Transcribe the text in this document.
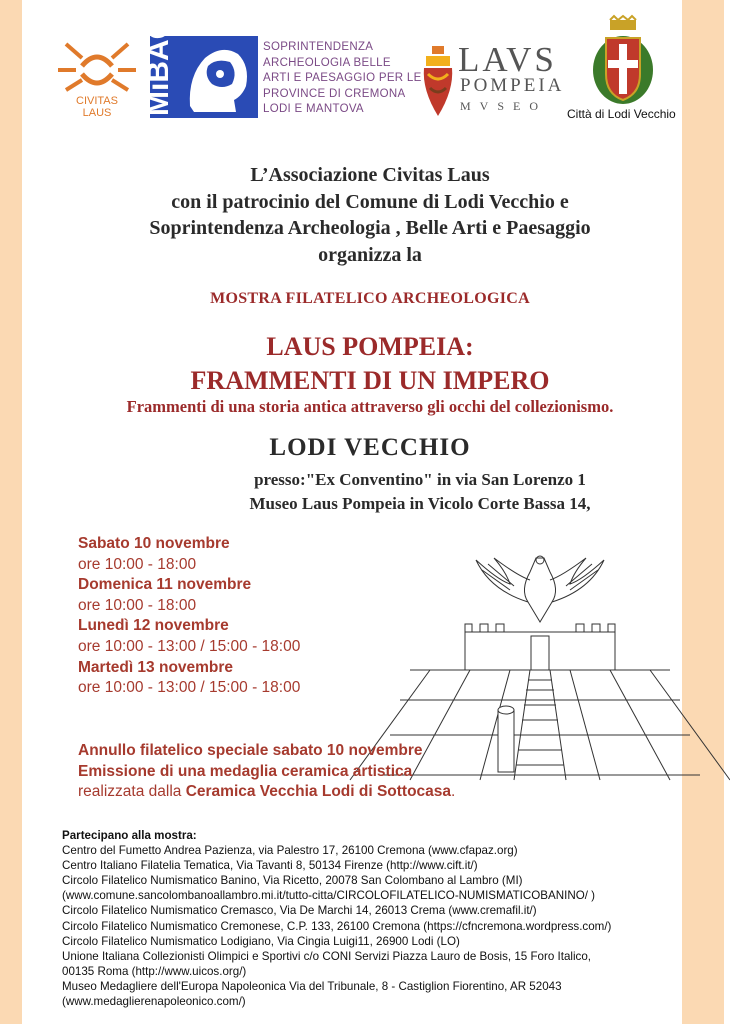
CIVITAS
LAUS	MiBAC	SOPRINTENDENZA
ARCHEOLOGIA BELLE
ARTI E PAESAGGIO PER LE
PROVINCE DI CREMONA
LODI E MANTOVA
LAVS
POMPEIA
MVSEO
Città di Lodi Vecchio
L’Associazione Civitas Laus
con il patrocinio del Comune di Lodi Vecchio e
Soprintendenza Archeologia , Belle Arti e Paesaggio
organizza la
MOSTRA FILATELICO ARCHEOLOGICA
LAUS POMPEIA:
FRAMMENTI DI UN IMPERO
Frammenti di una storia antica attraverso gli occhi del collezionismo.
LODI VECCHIO
presso:"Ex Conventino" in via San Lorenzo 1
Museo Laus Pompeia in Vicolo Corte Bassa 14,
Sabato 10 novembre
ore 10:00 - 18:00
Domenica 11 novembre
ore 10:00 - 18:00
Lunedì 12 novembre
ore 10:00 - 13:00 / 15:00 - 18:00
Martedì 13 novembre
ore 10:00 - 13:00 / 15:00 - 18:00
Annullo filatelico speciale sabato 10 novembre
Emissione di una medaglia ceramica artistica
realizzata dalla Ceramica Vecchia Lodi di Sottocasa.
Partecipano alla mostra:
Centro del Fumetto Andrea Pazienza, via Palestro 17, 26100 Cremona (www.cfapaz.org)
Centro Italiano Filatelia Tematica, Via Tavanti 8, 50134 Firenze (http://www.cift.it/)
Circolo Filatelico Numismatico Banino, Via Ricetto, 20078 San Colombano al Lambro (MI)
(www.comune.sancolombanoallambro.mi.it/tutto-citta/CIRCOLOFILATELICO-NUMISMATICOBANINO/ )
Circolo Filatelico Numismatico Cremasco, Via De Marchi 14, 26013 Crema (www.cremafil.it/)
Circolo Filatelico Numismatico Cremonese, C.P. 133, 26100 Cremona (https://cfncremona.wordpress.com/)
Circolo Filatelico Numismatico Lodigiano, Via Cingia Luigi11, 26900 Lodi (LO)
Unione Italiana Collezionisti Olimpici e Sportivi c/o CONI Servizi Piazza Lauro de Bosis, 15 Foro Italico,
00135 Roma (http://www.uicos.org/)
Museo Medagliere dell'Europa Napoleonica Via del Tribunale, 8 - Castiglion Fiorentino, AR 52043
(www.medaglierenapoleonico.com/)
